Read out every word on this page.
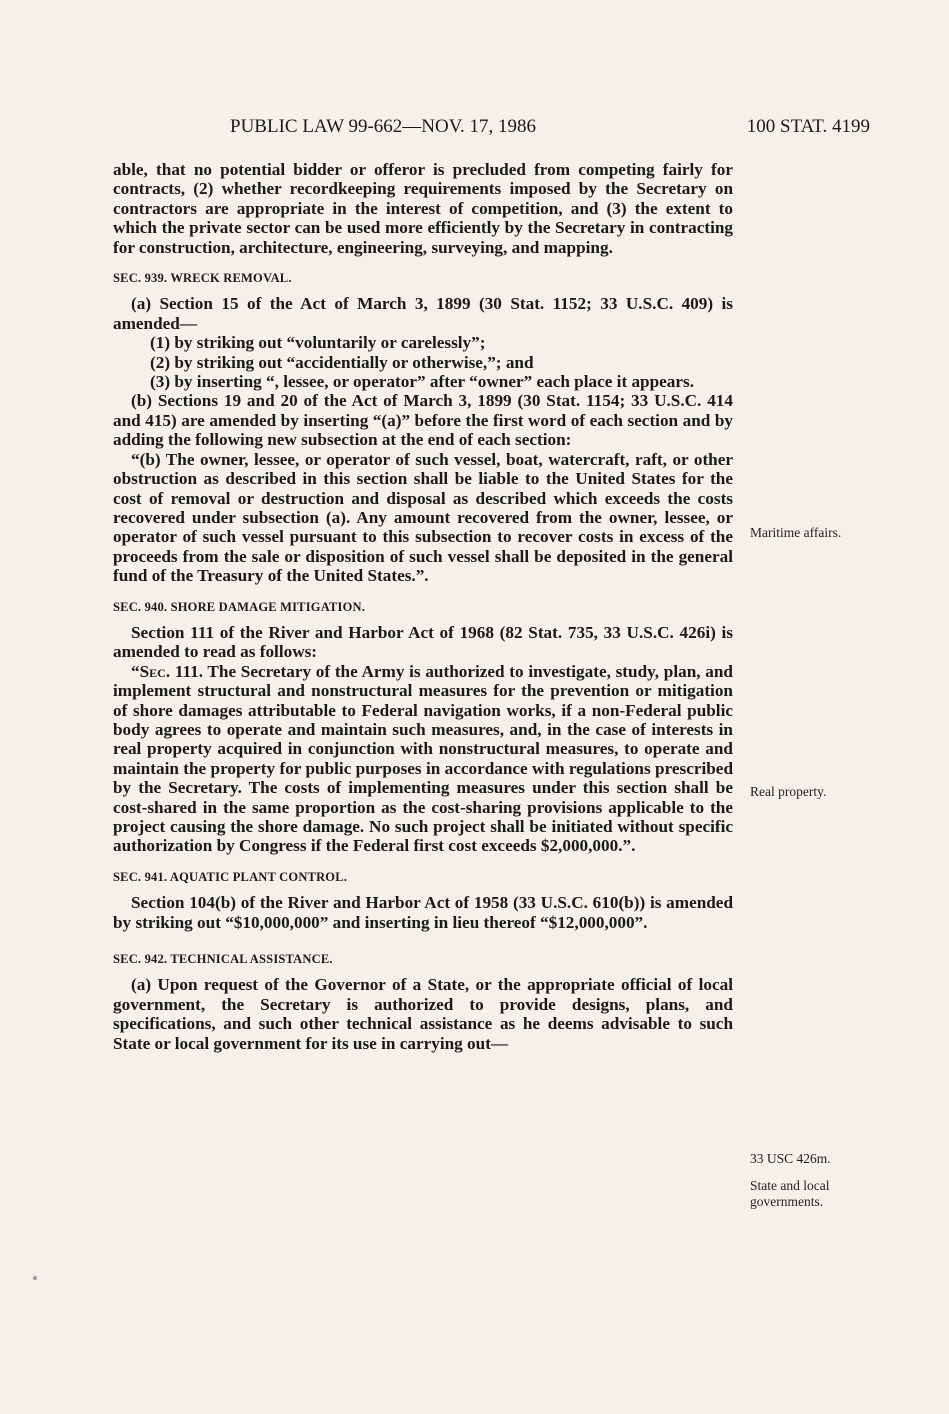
PUBLIC LAW 99-662—NOV. 17, 1986	100 STAT. 4199

able, that no potential bidder or offeror is precluded from competing fairly for contracts, (2) whether recordkeeping requirements imposed by the Secretary on contractors are appropriate in the interest of competition, and (3) the extent to which the private sector can be used more efficiently by the Secretary in contracting for construction, architecture, engineering, surveying, and mapping.

SEC. 939. WRECK REMOVAL.

(a) Section 15 of the Act of March 3, 1899 (30 Stat. 1152; 33 U.S.C. 409) is amended—

(1) by striking out “voluntarily or carelessly”;

(2) by striking out “accidentially or otherwise,”; and

(3) by inserting “, lessee, or operator” after “owner” each place it appears.

(b) Sections 19 and 20 of the Act of March 3, 1899 (30 Stat. 1154; 33 U.S.C. 414 and 415) are amended by inserting “(a)” before the first word of each section and by adding the following new subsection at the end of each section:

“(b) The owner, lessee, or operator of such vessel, boat, watercraft, raft, or other obstruction as described in this section shall be liable to the United States for the cost of removal or destruction and disposal as described which exceeds the costs recovered under subsection (a). Any amount recovered from the owner, lessee, or operator of such vessel pursuant to this subsection to recover costs in excess of the proceeds from the sale or disposition of such vessel shall be deposited in the general fund of the Treasury of the United States.”.

SEC. 940. SHORE DAMAGE MITIGATION.

Section 111 of the River and Harbor Act of 1968 (82 Stat. 735, 33 U.S.C. 426i) is amended to read as follows:

“Sec. 111. The Secretary of the Army is authorized to investigate, study, plan, and implement structural and nonstructural measures for the prevention or mitigation of shore damages attributable to Federal navigation works, if a non-Federal public body agrees to operate and maintain such measures, and, in the case of interests in real property acquired in conjunction with nonstructural measures, to operate and maintain the property for public purposes in accordance with regulations prescribed by the Secretary. The costs of implementing measures under this section shall be cost-shared in the same proportion as the cost-sharing provisions applicable to the project causing the shore damage. No such project shall be initiated without specific authorization by Congress if the Federal first cost exceeds $2,000,000.”.

SEC. 941. AQUATIC PLANT CONTROL.

Section 104(b) of the River and Harbor Act of 1958 (33 U.S.C. 610(b)) is amended by striking out “$10,000,000” and inserting in lieu thereof “$12,000,000”.

SEC. 942. TECHNICAL ASSISTANCE.

(a) Upon request of the Governor of a State, or the appropriate official of local government, the Secretary is authorized to provide designs, plans, and specifications, and such other technical assistance as he deems advisable to such State or local government for its use in carrying out—

Maritime affairs.
Real property.
33 USC 426m.
State and local governments.
